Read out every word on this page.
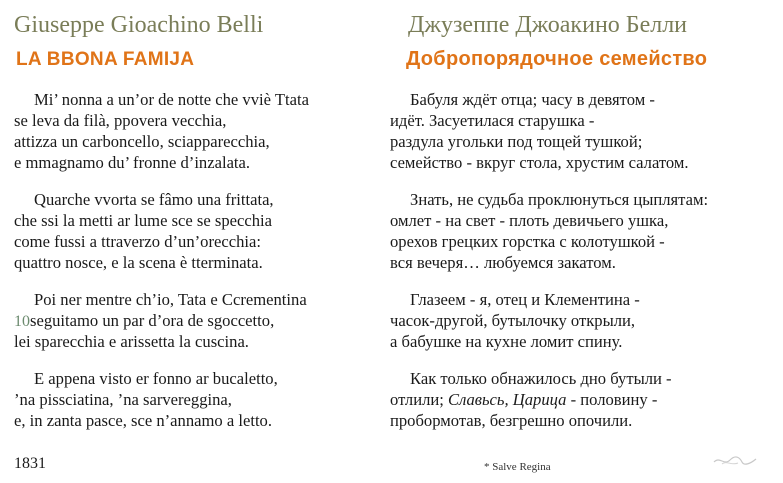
Giuseppe Gioachino Belli
LA BBONA FAMIJA
Mi’ nonna a un’or de notte che vviè Ttata
se leva da filà, ppovera vecchia,
attizza un carboncello, sciapparecchia,
e mmagnamo du’ fronne d’inzalata.
Quarche vvorta se fâmo una frittata,
che ssi la metti ar lume sce se specchia
come fussi a ttraverzo d’un’orecchia:
quattro nosce, e la scena è tterminata.
Poi ner mentre ch’io, Tata e Ccrementina
10seguitamo un par d’ora de sgoccetto,
lei sparecchia e arissetta la cuscina.
E appena visto er fonno ar bucaletto,
’na pissciatina, ’na sarvereggina,
e, in zanta pasce, sce n’annamo a letto.
Джузеппе Джоакино Белли
Добропорядочное семейство
Бабуля ждёт отца; часу в девятом -
идёт. Засуетилася старушка -
раздула угольки под тощей тушкой;
семейство - вкруг стола, хрустим салатом.
Знать, не судьба проклюнуться цыплятам:
омлет - на свет - плоть девичьего ушка,
орехов грецких горстка с колотушкой -
вся вечеря… любуемся закатом.
Глазеем - я, отец и Клементина -
часок-другой, бутылочку открыли,
а бабушке на кухне ломит спину.
Как только обнажилось дно бутыли -
отлили; Славьсь, Царица - половину -
пробормотав, безгрешно опочили.
1831	* Salve Regina
